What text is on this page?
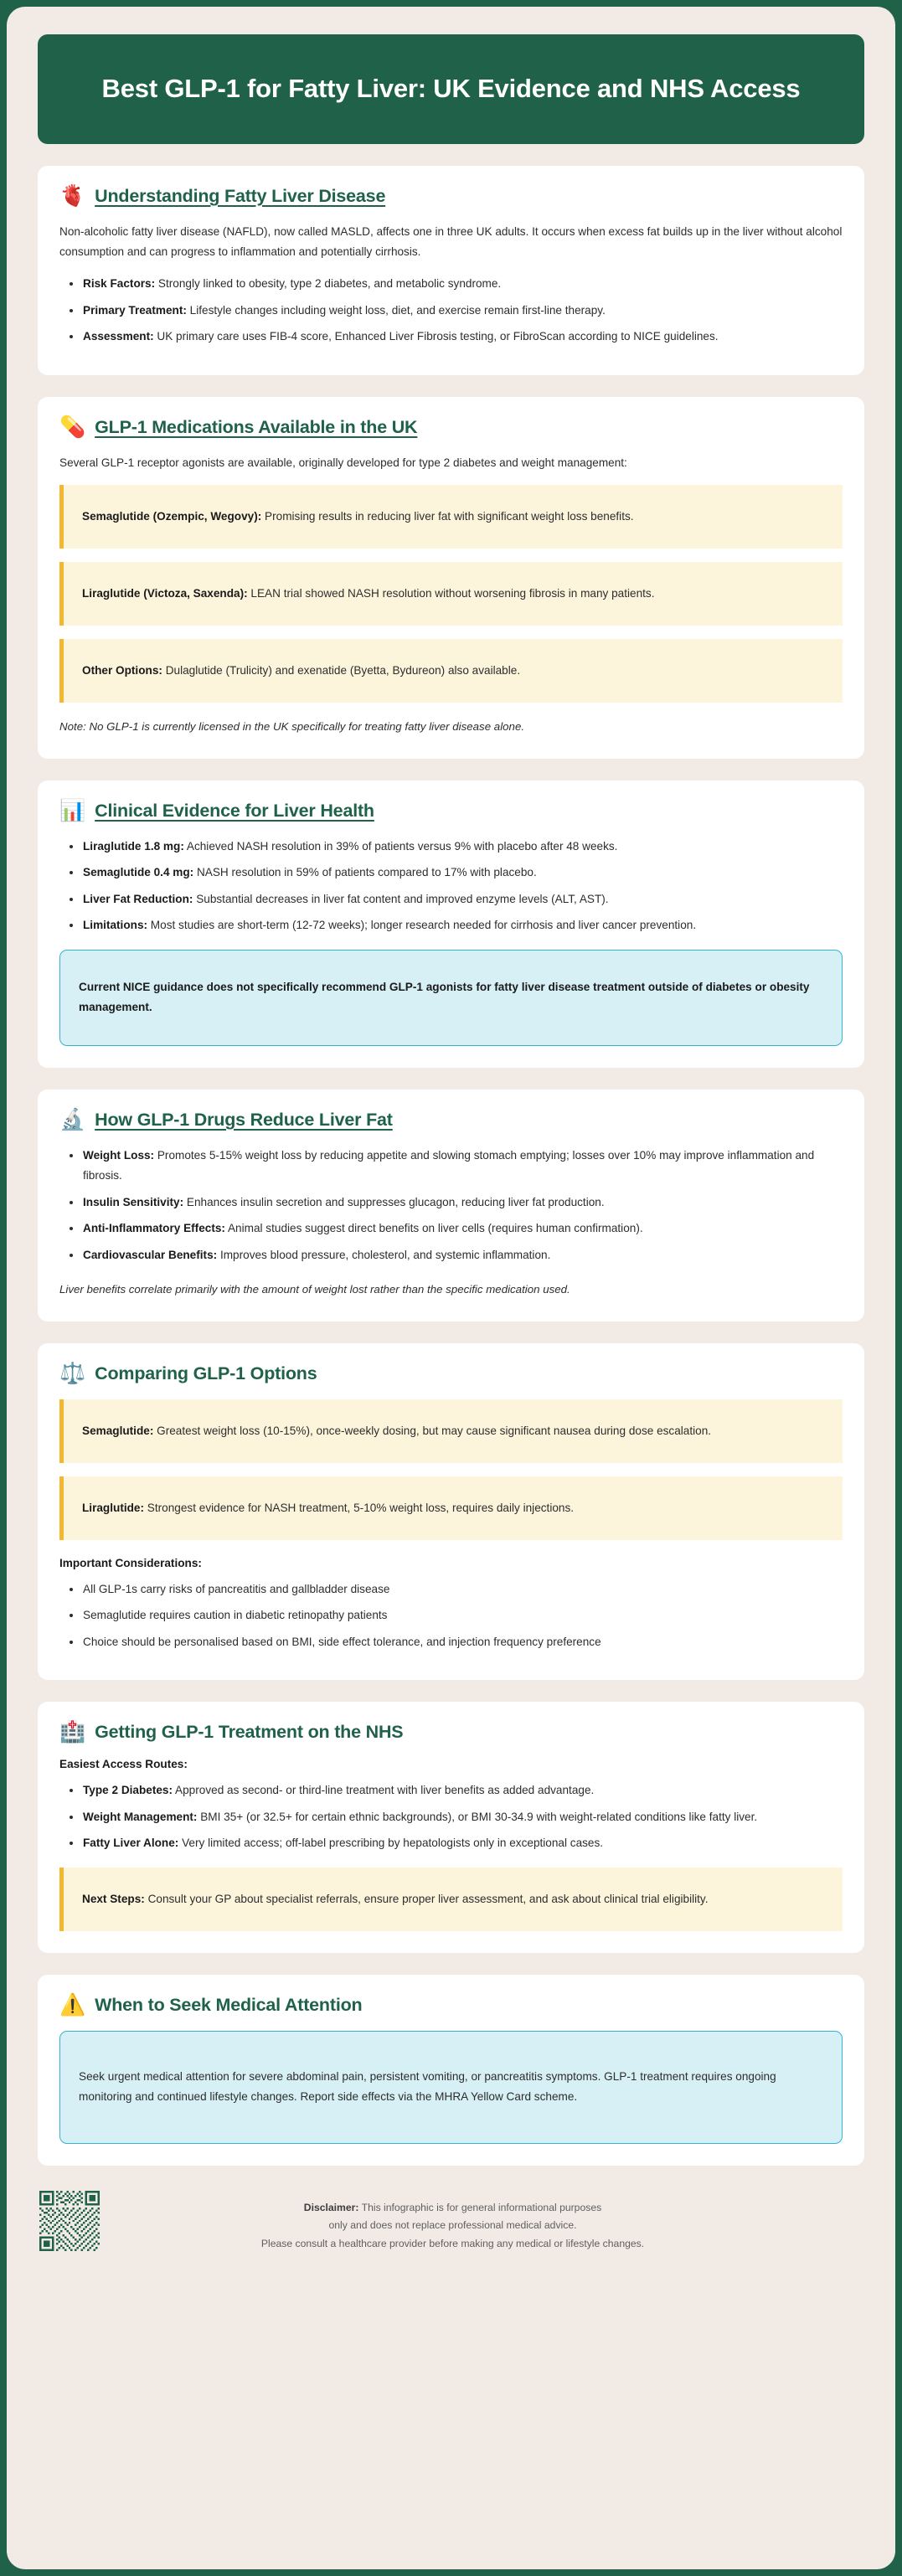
Best GLP-1 for Fatty Liver: UK Evidence and NHS Access
🫀 Understanding Fatty Liver Disease

Non-alcoholic fatty liver disease (NAFLD), now called MASLD, affects one in three UK adults. It occurs when excess fat builds up in the liver without alcohol consumption and can progress to inflammation and potentially cirrhosis.

Risk Factors: Strongly linked to obesity, type 2 diabetes, and metabolic syndrome.
Primary Treatment: Lifestyle changes including weight loss, diet, and exercise remain first-line therapy.
Assessment: UK primary care uses FIB-4 score, Enhanced Liver Fibrosis testing, or FibroScan according to NICE guidelines.
💊 GLP-1 Medications Available in the UK

Several GLP-1 receptor agonists are available, originally developed for type 2 diabetes and weight management:

Semaglutide (Ozempic, Wegovy): Promising results in reducing liver fat with significant weight loss benefits.
Liraglutide (Victoza, Saxenda): LEAN trial showed NASH resolution without worsening fibrosis in many patients.
Other Options: Dulaglutide (Trulicity) and exenatide (Byetta, Bydureon) also available.

Note: No GLP-1 is currently licensed in the UK specifically for treating fatty liver disease alone.

📊 Clinical Evidence for Liver Health
Liraglutide 1.8 mg: Achieved NASH resolution in 39% of patients versus 9% with placebo after 48 weeks.
Semaglutide 0.4 mg: NASH resolution in 59% of patients compared to 17% with placebo.
Liver Fat Reduction: Substantial decreases in liver fat content and improved enzyme levels (ALT, AST).
Limitations: Most studies are short-term (12-72 weeks); longer research needed for cirrhosis and liver cancer prevention.
Current NICE guidance does not specifically recommend GLP-1 agonists for fatty liver disease treatment outside of diabetes or obesity management.
🔬 How GLP-1 Drugs Reduce Liver Fat
Weight Loss: Promotes 5-15% weight loss by reducing appetite and slowing stomach emptying; losses over 10% may improve inflammation and fibrosis.
Insulin Sensitivity: Enhances insulin secretion and suppresses glucagon, reducing liver fat production.
Anti-Inflammatory Effects: Animal studies suggest direct benefits on liver cells (requires human confirmation).
Cardiovascular Benefits: Improves blood pressure, cholesterol, and systemic inflammation.

Liver benefits correlate primarily with the amount of weight lost rather than the specific medication used.

⚖️ Comparing GLP-1 Options
Semaglutide: Greatest weight loss (10-15%), once-weekly dosing, but may cause significant nausea during dose escalation.
Liraglutide: Strongest evidence for NASH treatment, 5-10% weight loss, requires daily injections.
Important Considerations:
All GLP-1s carry risks of pancreatitis and gallbladder disease
Semaglutide requires caution in diabetic retinopathy patients
Choice should be personalised based on BMI, side effect tolerance, and injection frequency preference
🏥 Getting GLP-1 Treatment on the NHS
Easiest Access Routes:
Type 2 Diabetes: Approved as second- or third-line treatment with liver benefits as added advantage.
Weight Management: BMI 35+ (or 32.5+ for certain ethnic backgrounds), or BMI 30-34.9 with weight-related conditions like fatty liver.
Fatty Liver Alone: Very limited access; off-label prescribing by hepatologists only in exceptional cases.
Next Steps: Consult your GP about specialist referrals, ensure proper liver assessment, and ask about clinical trial eligibility.
⚠️ When to Seek Medical Attention
Seek urgent medical attention for severe abdominal pain, persistent vomiting, or pancreatitis symptoms. GLP-1 treatment requires ongoing monitoring and continued lifestyle changes. Report side effects via the MHRA Yellow Card scheme.
Disclaimer: This infographic is for general informational purposes
only and does not replace professional medical advice.
Please consult a healthcare provider before making any medical or lifestyle changes.
